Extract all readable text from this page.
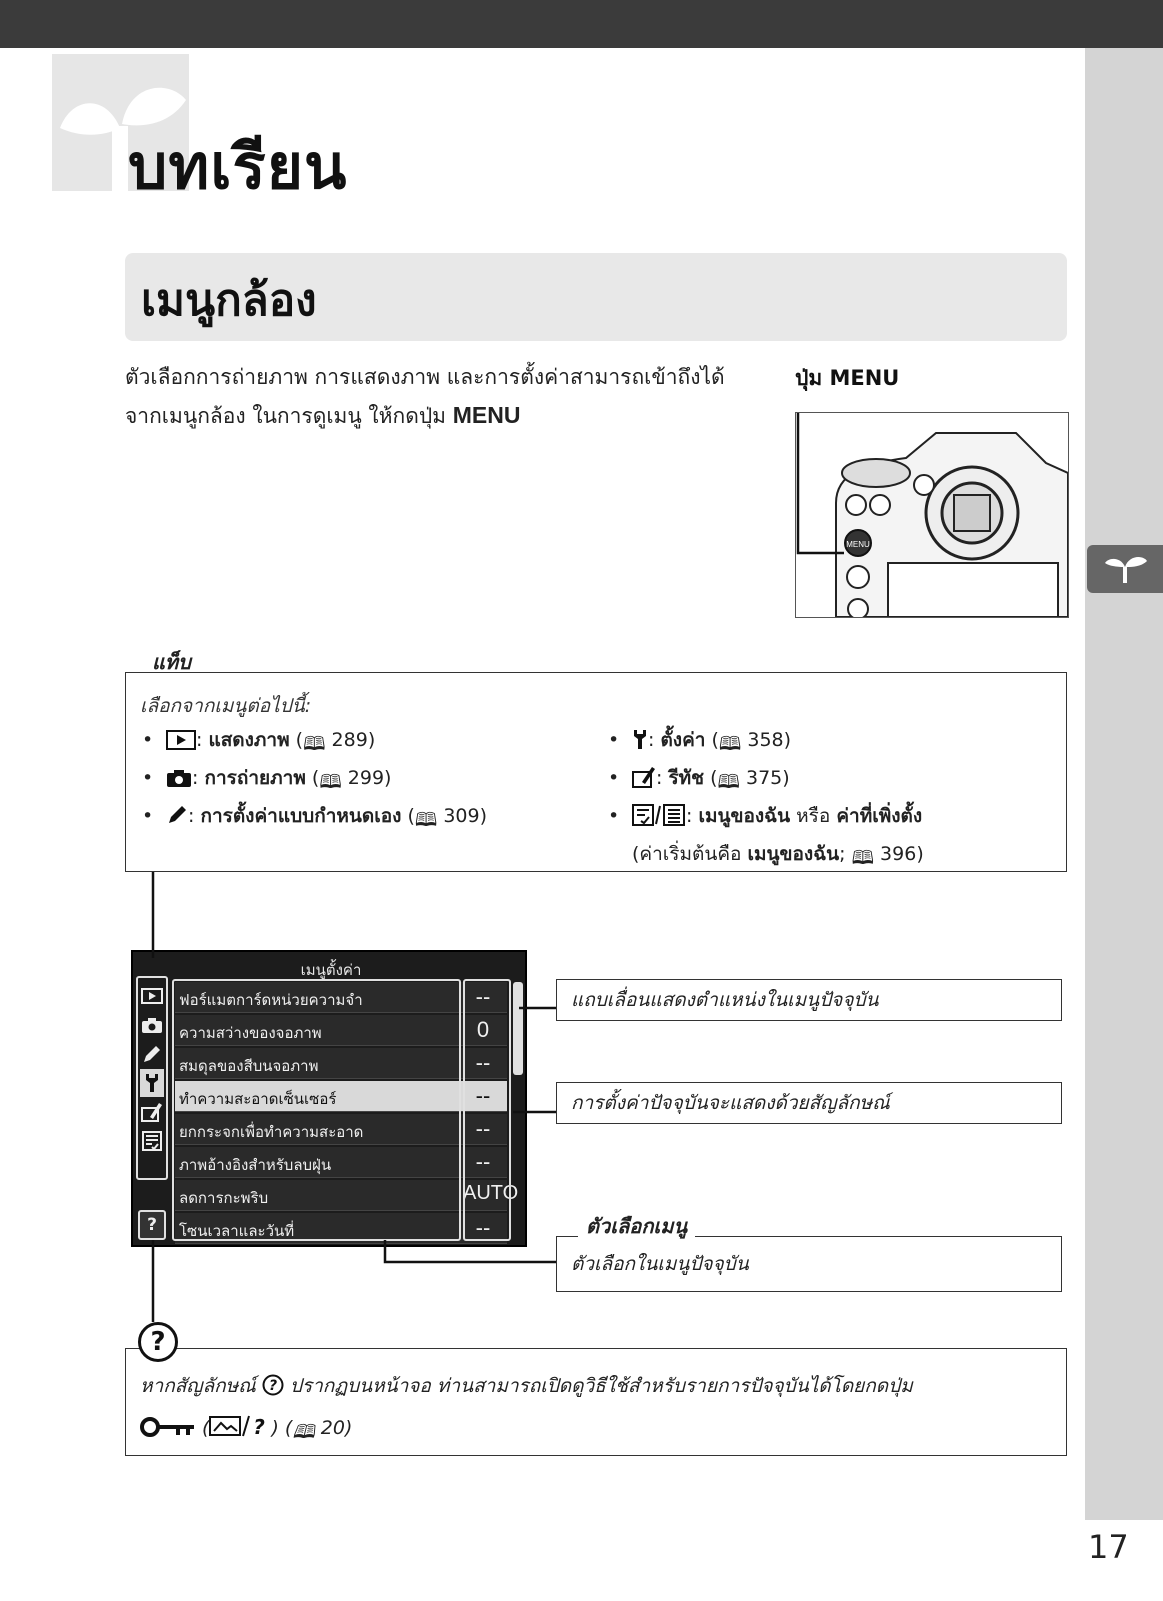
17
บทเรียน
เมนูกล้อง
ตัวเลือกการถ่ายภาพ การแสดงภาพ และการตั้งค่าสามารถเข้าถึงได้
จากเมนูกล้อง ในการดูเมนู ให้กดปุ่ม MENU
ปุ่ม MENU
MENU
แท็บ
เลือกจากเมนูต่อไปนี้:
• : แสดงภาพ (🕮 289)
• : การถ่ายภาพ (🕮 299)
• : การตั้งค่าแบบกำหนดเอง (🕮 309)
• : ตั้งค่า (🕮 358)
• : รีทัช (🕮 375)
• : เมนูของฉัน หรือ ค่าที่เพิ่งตั้ง
(ค่าเริ่มต้นคือ เมนูของฉัน; 🕮 396)
เมนูตั้งค่า
?
ฟอร์แมตการ์ดหน่วยความจำ	--
ความสว่างของจอภาพ	0
สมดุลของสีบนจอภาพ	--
ทำความสะอาดเซ็นเซอร์	--
ยกกระจกเพื่อทำความสะอาด	--
ภาพอ้างอิงสำหรับลบฝุ่น	--
ลดการกะพริบ	AUTO
โซนเวลาและวันที่	--
แถบเลื่อนแสดงตำแหน่งในเมนูปัจจุบัน
การตั้งค่าปัจจุบันจะแสดงด้วยสัญลักษณ์
ตัวเลือกในเมนูปัจจุบัน
ตัวเลือกเมนู
หากสัญลักษณ์ ? ปรากฏบนหน้าจอ ท่านสามารถเปิดดูวิธีใช้สำหรับรายการปัจจุบันได้โดยกดปุ่ม
( ? ) (🕮 20)
?
